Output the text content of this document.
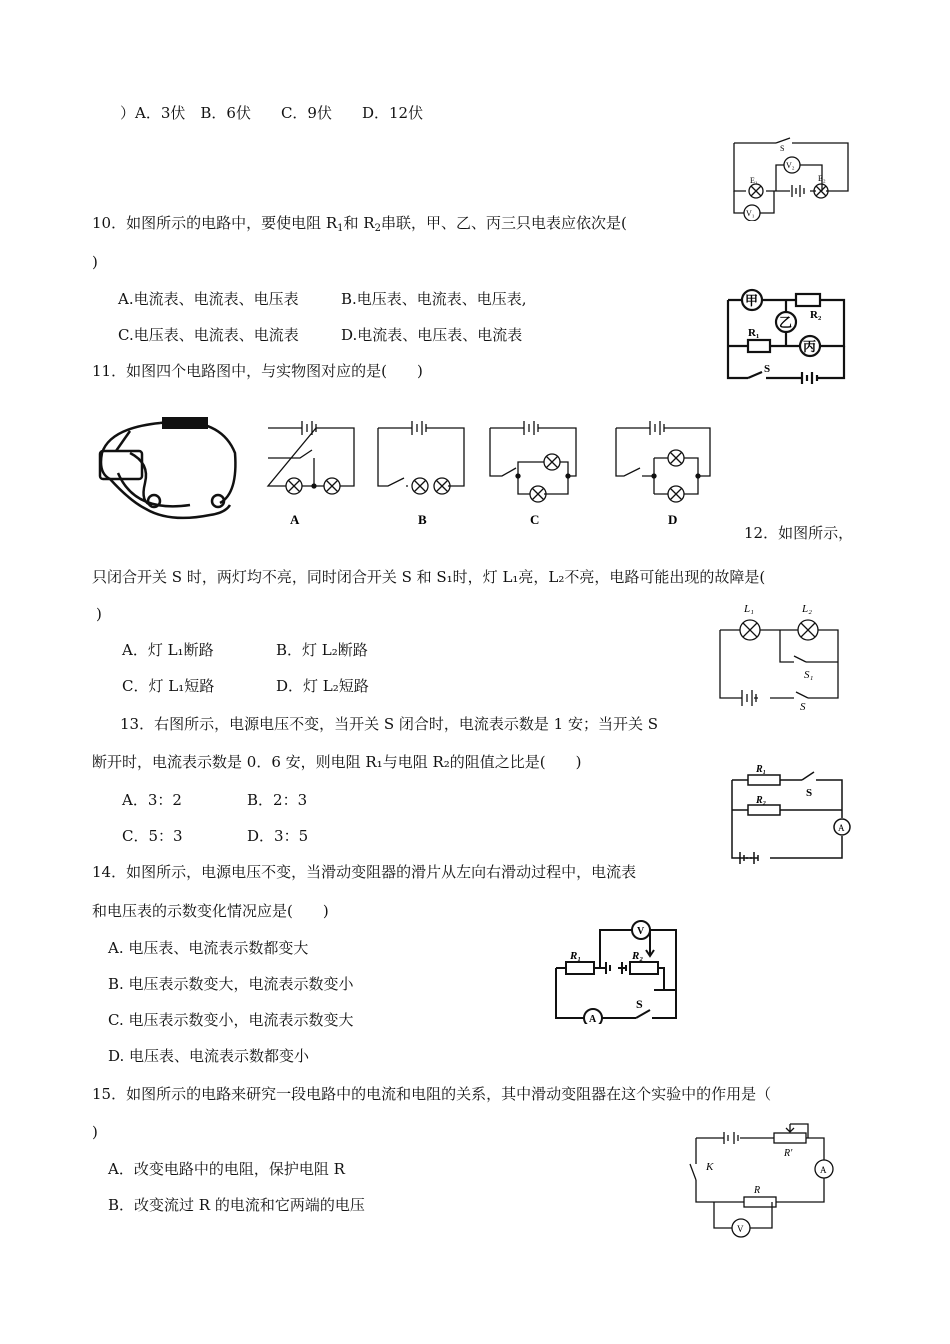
）A．3伏　B．6伏　　C．9伏　　D．12伏
S
V₂
E₁	E₂
V₁
10．如图所示的电路中，要使电阻 $R_1$和 $R_2$串联，甲、乙、丙三只电表应依次是(
)
A.电流表、电流表、电压表	B.电压表、电流表、电压表,
C.电压表、电流表、电流表	D.电流表、电压表、电流表
甲
乙
丙
R₂
R₁
S
11．如图四个电路图中，与实物图对应的是(　　)
A	B	C	D
12．如图所示，
只闭合开关 S 时，两灯均不亮，同时闭合开关 S 和 S₁时，灯 L₁亮，L₂不亮，电路可能出现的故障是(
)
A．灯 L₁断路	B．灯 L₂断路
C．灯 L₁短路	D．灯 L₂短路
L₁	L₂
S₁
S
13．右图所示，电源电压不变，当开关 S 闭合时，电流表示数是 1 安；当开关 S
断开时，电流表示数是 0．6 安，则电阻 R₁与电阻 R₂的阻值之比是(　　)
A．3：2	B．2：3
C．5：3	D．3：5
R₁
R₂
S
A
14．如图所示，电源电压不变，当滑动变阻器的滑片从左向右滑动过程中，电流表
和电压表的示数变化情况应是(　　)
A. 电压表、电流表示数都变大
B. 电压表示数变大，电流表示数变小
C. 电压表示数变小，电流表示数变大
D. 电压表、电流表示数都变小
V
R₁	R₂
A
S
15．如图所示的电路来研究一段电路中的电流和电阻的关系，其中滑动变阻器在这个实验中的作用是（
)
A．改变电路中的电阻，保护电阻 R
B．改变流过 R 的电流和它两端的电压
K
R'
A
R
V
